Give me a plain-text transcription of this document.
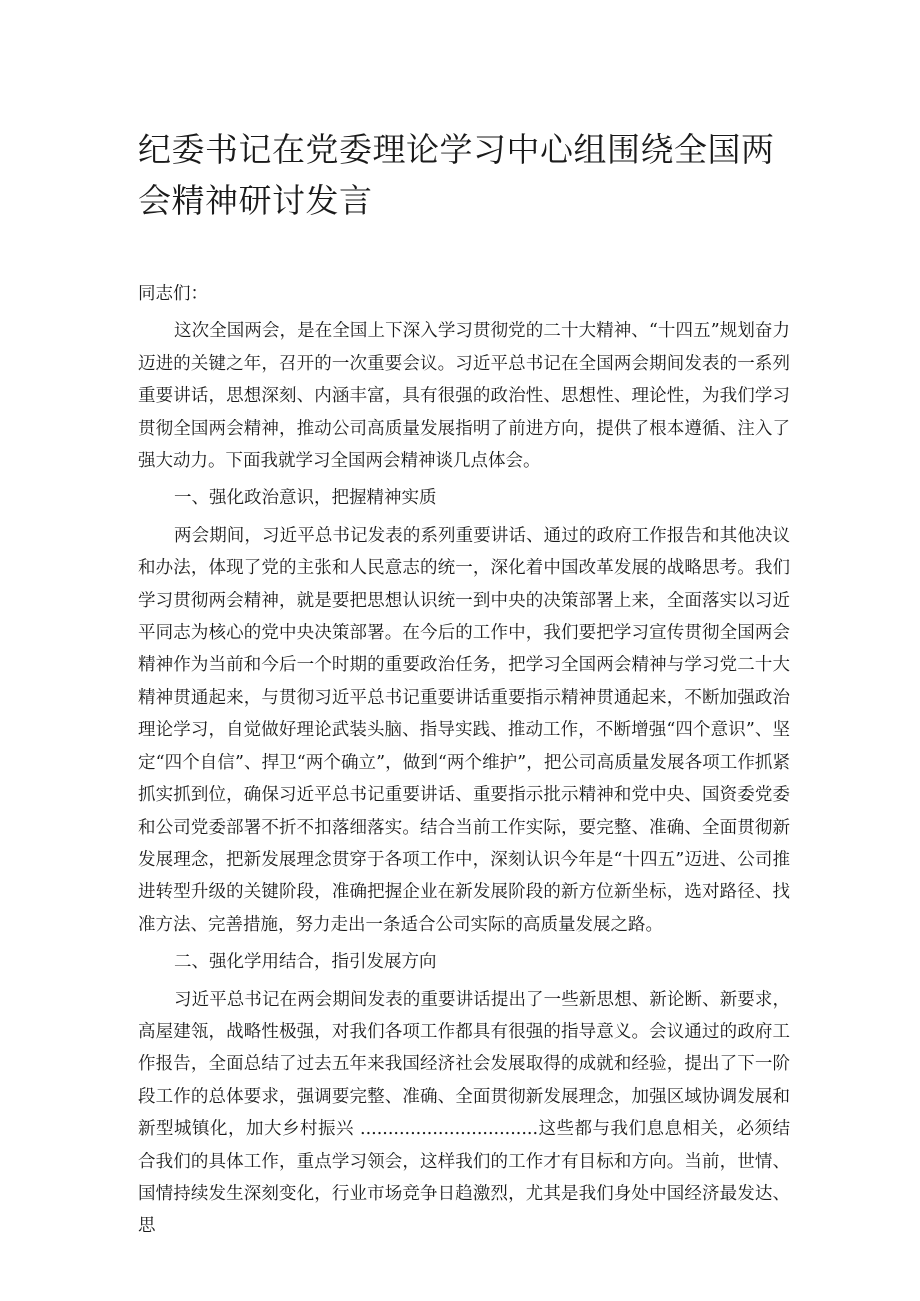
纪委书记在党委理论学习中心组围绕全国两会精神研讨发言

同志们：

这次全国两会，是在全国上下深入学习贯彻党的二十大精神、“十四五”规划奋力迈进的关键之年，召开的一次重要会议。习近平总书记在全国两会期间发表的一系列重要讲话，思想深刻、内涵丰富，具有很强的政治性、思想性、理论性，为我们学习贯彻全国两会精神，推动公司高质量发展指明了前进方向，提供了根本遵循、注入了强大动力。下面我就学习全国两会精神谈几点体会。

一、强化政治意识，把握精神实质

两会期间，习近平总书记发表的系列重要讲话、通过的政府工作报告和其他决议和办法，体现了党的主张和人民意志的统一，深化着中国改革发展的战略思考。我们学习贯彻两会精神，就是要把思想认识统一到中央的决策部署上来，全面落实以习近平同志为核心的党中央决策部署。在今后的工作中，我们要把学习宣传贯彻全国两会精神作为当前和今后一个时期的重要政治任务，把学习全国两会精神与学习党二十大精神贯通起来，与贯彻习近平总书记重要讲话重要指示精神贯通起来，不断加强政治理论学习，自觉做好理论武装头脑、指导实践、推动工作，不断增强“四个意识”、坚定“四个自信”、捍卫“两个确立”，做到“两个维护”，把公司高质量发展各项工作抓紧抓实抓到位，确保习近平总书记重要讲话、重要指示批示精神和党中央、国资委党委和公司党委部署不折不扣落细落实。结合当前工作实际，要完整、准确、全面贯彻新发展理念，把新发展理念贯穿于各项工作中，深刻认识今年是“十四五”迈进、公司推进转型升级的关键阶段，准确把握企业在新发展阶段的新方位新坐标，选对路径、找准方法、完善措施，努力走出一条适合公司实际的高质量发展之路。

二、强化学用结合，指引发展方向

习近平总书记在两会期间发表的重要讲话提出了一些新思想、新论断、新要求，高屋建瓴，战略性极强，对我们各项工作都具有很强的指导意义。会议通过的政府工作报告，全面总结了过去五年来我国经济社会发展取得的成就和经验，提出了下一阶段工作的总体要求，强调要完整、准确、全面贯彻新发展理念，加强区域协调发展和新型城镇化，加大乡村振兴 ................................这些都与我们息息相关，必须结合我们的具体工作，重点学习领会，这样我们的工作才有目标和方向。当前，世情、国情持续发生深刻变化，行业市场竞争日趋激烈，尤其是我们身处中国经济最发达、思
